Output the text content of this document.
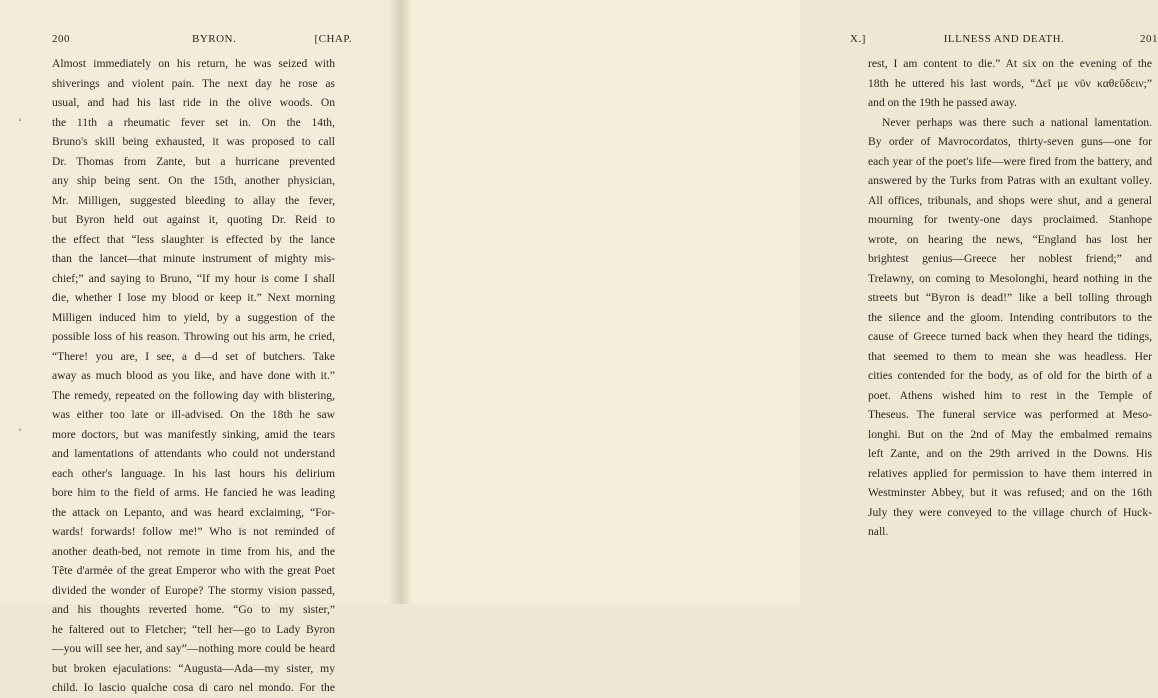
200	BYRON.	[CHAP.
Almost immediately on his return, he was seized with
shiverings and violent pain. The next day he rose as
usual, and had his last ride in the olive woods. On
the 11th a rheumatic fever set in. On the 14th,
Bruno's skill being exhausted, it was proposed to call
Dr. Thomas from Zante, but a hurricane prevented
any ship being sent. On the 15th, another physician,
Mr. Milligen, suggested bleeding to allay the fever,
but Byron held out against it, quoting Dr. Reid to
the effect that “less slaughter is effected by the lance
than the lancet—that minute instrument of mighty mis-
chief;” and saying to Bruno, “If my hour is come I shall
die, whether I lose my blood or keep it.” Next morning
Milligen induced him to yield, by a suggestion of the
possible loss of his reason. Throwing out his arm, he cried,
“There! you are, I see, a d—d set of butchers. Take
away as much blood as you like, and have done with it.”
The remedy, repeated on the following day with blistering,
was either too late or ill-advised. On the 18th he saw
more doctors, but was manifestly sinking, amid the tears
and lamentations of attendants who could not understand
each other's language. In his last hours his delirium
bore him to the field of arms. He fancied he was leading
the attack on Lepanto, and was heard exclaiming, “For-
wards! forwards! follow me!” Who is not reminded of
another death-bed, not remote in time from his, and the
Tête d'armée of the great Emperor who with the great Poet
divided the wonder of Europe? The stormy vision passed,
and his thoughts reverted home. “Go to my sister,”
he faltered out to Fletcher; “tell her—go to Lady Byron
—you will see her, and say”—nothing more could be heard
but broken ejaculations: “Augusta—Ada—my sister, my
child. Io lascio qualche cosa di caro nel mondo. For the
X.]	ILLNESS AND DEATH.	201
rest, I am content to die.” At six on the evening of the
18th he uttered his last words, “Δεῖ με νῦν καθεὕδειν;”
and on the 19th he passed away.
Never perhaps was there such a national lamentation.
By order of Mavrocordatos, thirty-seven guns—one for
each year of the poet's life—were fired from the battery, and
answered by the Turks from Patras with an exultant volley.
All offices, tribunals, and shops were shut, and a general
mourning for twenty-one days proclaimed. Stanhope
wrote, on hearing the news, “England has lost her
brightest genius—Greece her noblest friend;” and
Trelawny, on coming to Mesolonghi, heard nothing in the
streets but “Byron is dead!” like a bell tolling through
the silence and the gloom. Intending contributors to the
cause of Greece turned back when they heard the tidings,
that seemed to them to mean she was headless. Her
cities contended for the body, as of old for the birth of a
poet. Athens wished him to rest in the Temple of
Theseus. The funeral service was performed at Meso-
longhi. But on the 2nd of May the embalmed remains
left Zante, and on the 29th arrived in the Downs. His
relatives applied for permission to have them interred in
Westminster Abbey, but it was refused; and on the 16th
July they were conveyed to the village church of Huck-
nall.
‘
‘
